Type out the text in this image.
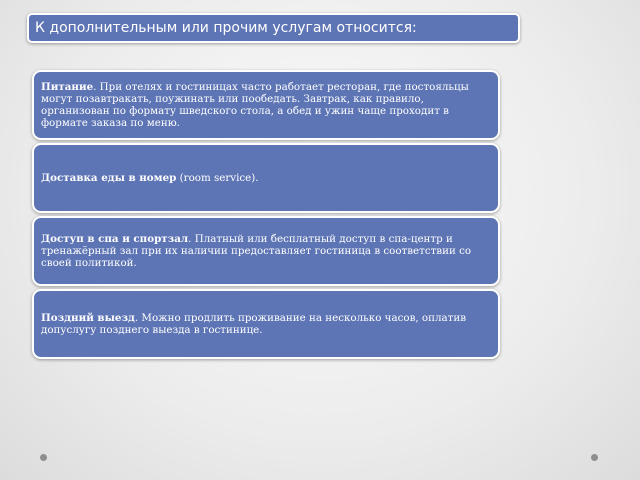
К дополнительным или прочим услугам относится:
Питание. При отелях и гостиницах часто работает ресторан, где постояльцы могут позавтракать, поужинать или пообедать. Завтрак, как правило, организован по формату шведского стола, а обед и ужин чаще проходит в формате заказа по меню.
Доставка еды в номер (room service).
Доступ в спа и спортзал. Платный или бесплатный доступ в спа-центр и тренажёрный зал при их наличии предоставляет гостиница в соответствии со своей политикой.
Поздний выезд. Можно продлить проживание на несколько часов, оплатив допуслугу позднего выезда в гостинице.
